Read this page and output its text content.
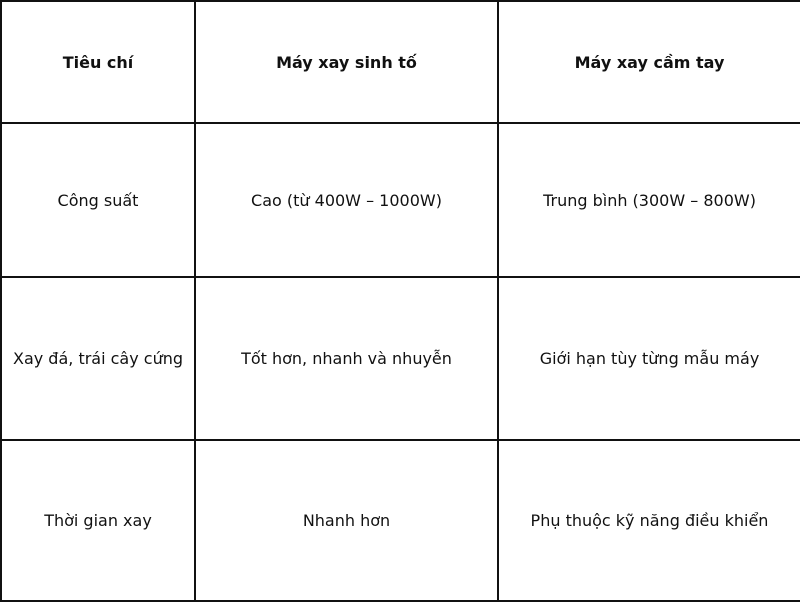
Tiêu chí	Máy xay sinh tố	Máy xay cầm tay
Công suất	Cao (từ 400W – 1000W)	Trung bình (300W – 800W)
Xay đá, trái cây cứng	Tốt hơn, nhanh và nhuyễn	Giới hạn tùy từng mẫu máy
Thời gian xay	Nhanh hơn	Phụ thuộc kỹ năng điều khiển
